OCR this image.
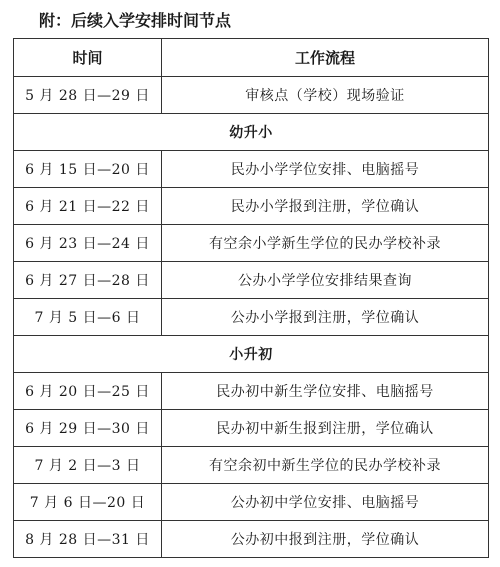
附：后续入学安排时间节点
时间	工作流程
5 月 28 日—29 日	审核点（学校）现场验证
幼升小	
6 月 15 日—20 日	民办小学学位安排、电脑摇号
6 月 21 日—22 日	民办小学报到注册，学位确认
6 月 23 日—24 日	有空余小学新生学位的民办学校补录
6 月 27 日—28 日	公办小学学位安排结果查询
7 月 5 日—6 日	公办小学报到注册，学位确认
小升初	
6 月 20 日—25 日	民办初中新生学位安排、电脑摇号
6 月 29 日—30 日	民办初中新生报到注册，学位确认
7 月 2 日—3 日	有空余初中新生学位的民办学校补录
7 月 6 日—20 日	公办初中学位安排、电脑摇号
8 月 28 日—31 日	公办初中报到注册，学位确认
